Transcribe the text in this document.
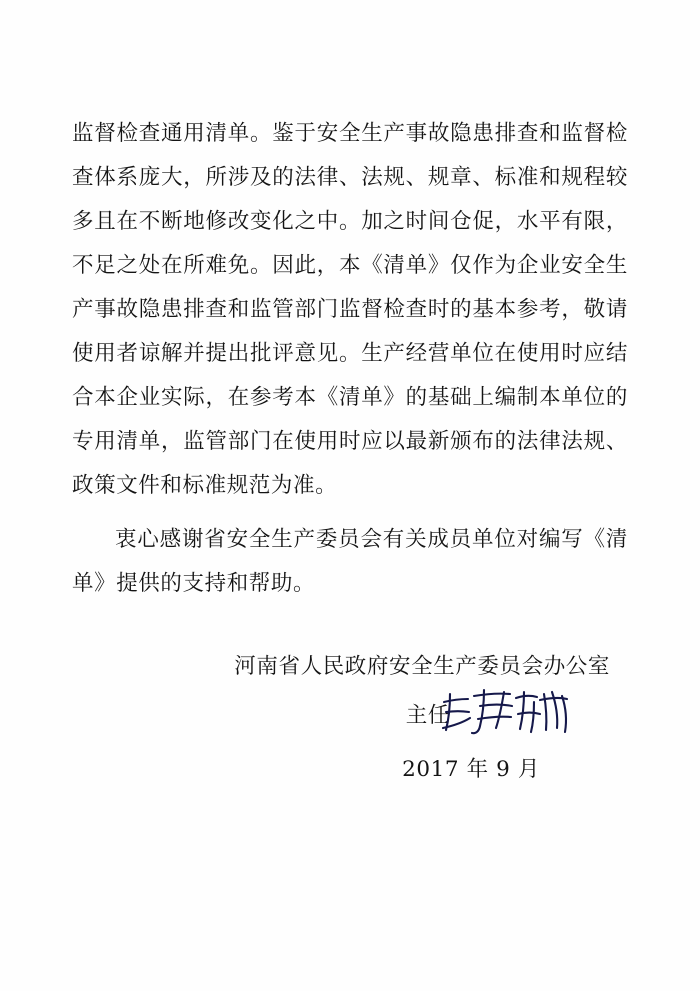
监督检查通用清单。鉴于安全生产事故隐患排查和监督检查体系庞大，所涉及的法律、法规、规章、标准和规程较多且在不断地修改变化之中。加之时间仓促，水平有限，不足之处在所难免。因此，本《清单》仅作为企业安全生产事故隐患排查和监管部门监督检查时的基本参考，敬请使用者谅解并提出批评意见。生产经营单位在使用时应结合本企业实际，在参考本《清单》的基础上编制本单位的专用清单，监管部门在使用时应以最新颁布的法律法规、政策文件和标准规范为准。

衷心感谢省安全生产委员会有关成员单位对编写《清单》提供的支持和帮助。

河南省人民政府安全生产委员会办公室
主任
2017 年 9 月
